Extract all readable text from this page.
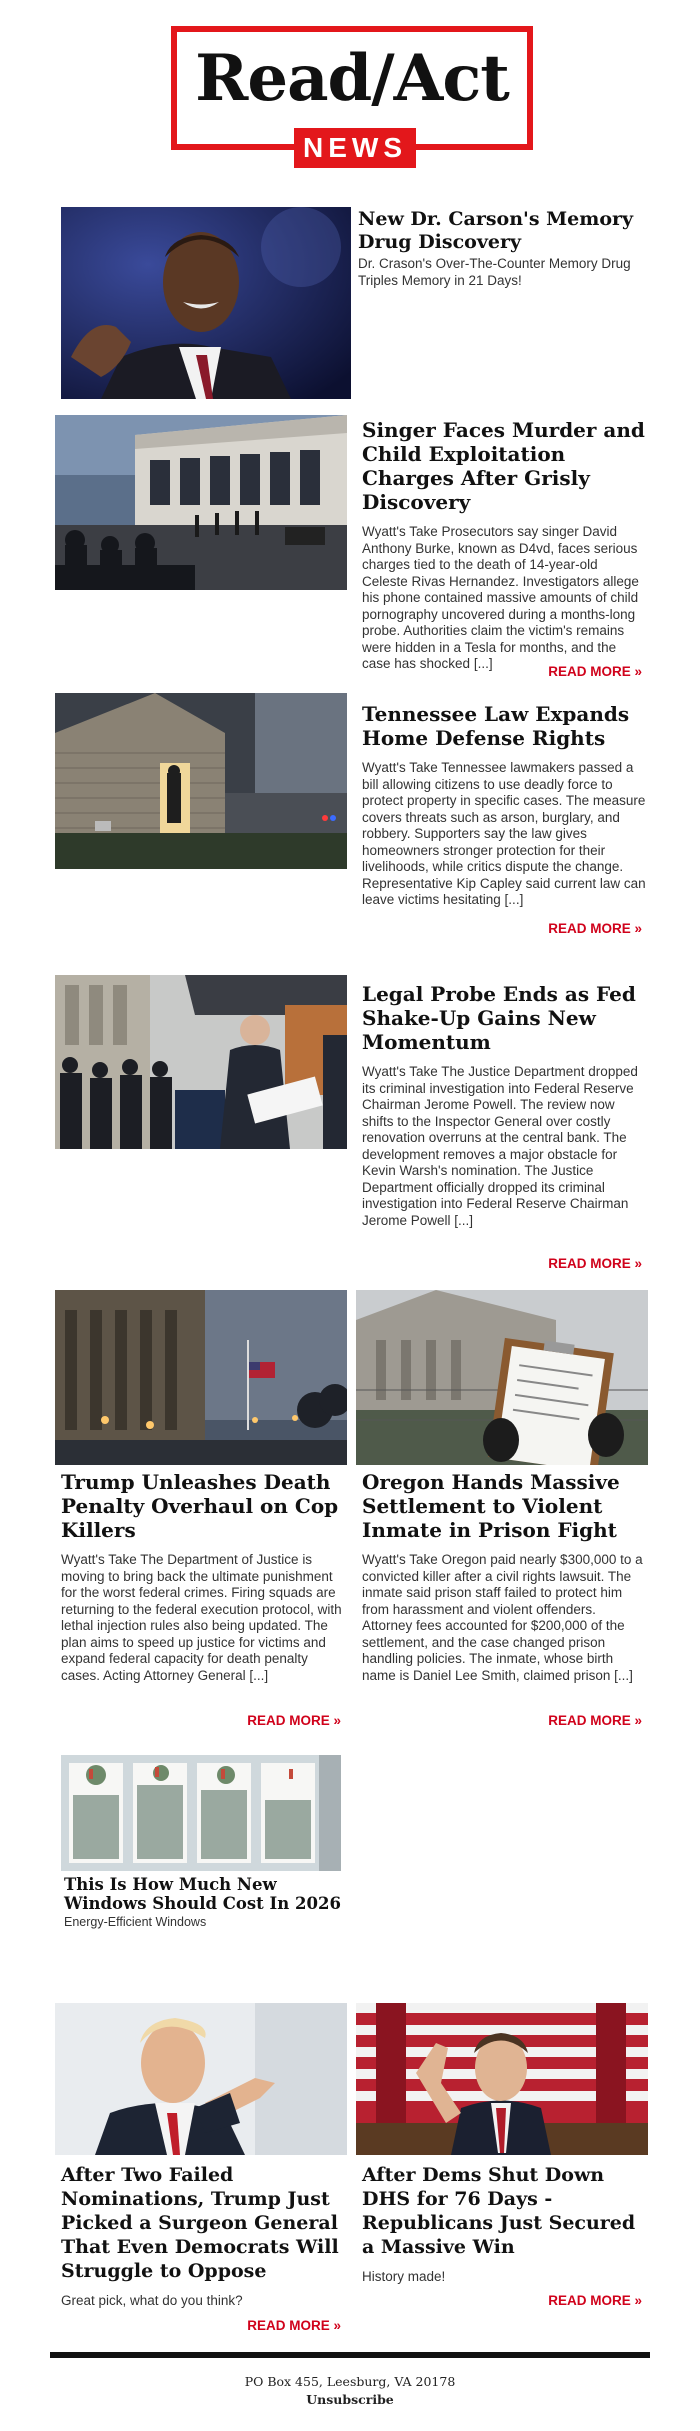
Read/Act
NEWS

New Dr. Carson's Memory Drug Discovery

Dr. Crason's Over-The-Counter Memory Drug Triples Memory in 21 Days!

Singer Faces Murder and Child Exploitation Charges After Grisly Discovery

Wyatt's Take Prosecutors say singer David Anthony Burke, known as D4vd, faces serious charges tied to the death of 14-year-old Celeste Rivas Hernandez. Investigators allege his phone contained massive amounts of child pornography uncovered during a months-long probe. Authorities claim the victim's remains were hidden in a Tesla for months, and the case has shocked [...]

READ MORE »

Tennessee Law Expands Home Defense Rights

Wyatt's Take Tennessee lawmakers passed a bill allowing citizens to use deadly force to protect property in specific cases. The measure covers threats such as arson, burglary, and robbery. Supporters say the law gives homeowners stronger protection for their livelihoods, while critics dispute the change. Representative Kip Capley said current law can leave victims hesitating [...]

READ MORE »

Legal Probe Ends as Fed Shake-Up Gains New Momentum

Wyatt's Take The Justice Department dropped its criminal investigation into Federal Reserve Chairman Jerome Powell. The review now shifts to the Inspector General over costly renovation overruns at the central bank. The development removes a major obstacle for Kevin Warsh's nomination. The Justice Department officially dropped its criminal investigation into Federal Reserve Chairman Jerome Powell [...]

READ MORE »

Trump Unleashes Death Penalty Overhaul on Cop Killers

Wyatt's Take The Department of Justice is moving to bring back the ultimate punishment for the worst federal crimes. Firing squads are returning to the federal execution protocol, with lethal injection rules also being updated. The plan aims to speed up justice for victims and expand federal capacity for death penalty cases. Acting Attorney General [...]

READ MORE »

Oregon Hands Massive Settlement to Violent Inmate in Prison Fight

Wyatt's Take Oregon paid nearly $300,000 to a convicted killer after a civil rights lawsuit. The inmate said prison staff failed to protect him from harassment and violent offenders. Attorney fees accounted for $200,000 of the settlement, and the case changed prison handling policies. The inmate, whose birth name is Daniel Lee Smith, claimed prison [...]

READ MORE »

This Is How Much New Windows Should Cost In 2026

Energy-Efficient Windows

After Two Failed Nominations, Trump Just Picked a Surgeon General That Even Democrats Will Struggle to Oppose

Great pick, what do you think?

READ MORE »

After Dems Shut Down DHS for 76 Days - Republicans Just Secured a Massive Win

History made!

READ MORE »
PO Box 455, Leesburg, VA 20178
Unsubscribe
